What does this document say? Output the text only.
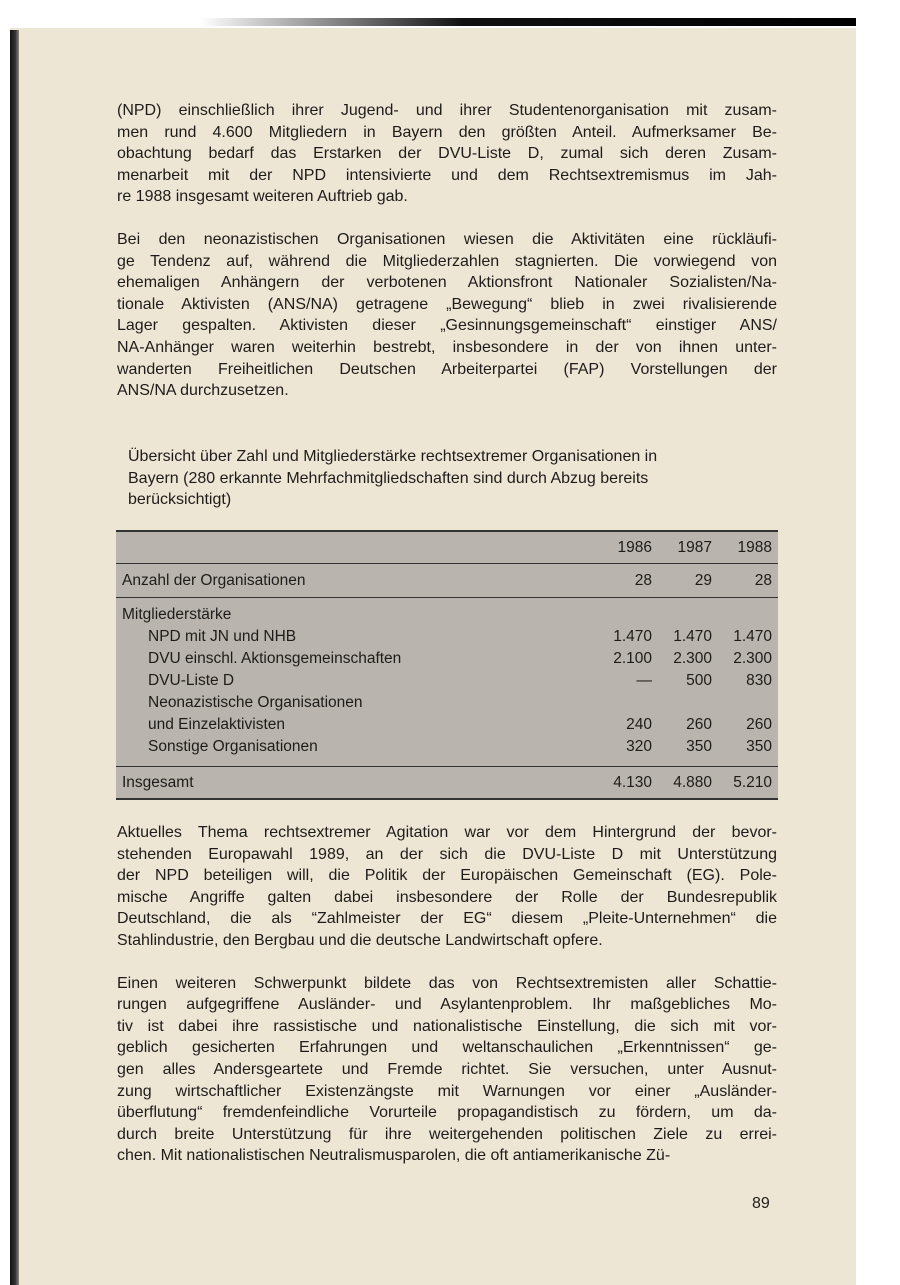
(NPD) einschließlich ihrer Jugend- und ihrer Studentenorganisation mit zusam-
men rund 4.600 Mitgliedern in Bayern den größten Anteil. Aufmerksamer Be-
obachtung bedarf das Erstarken der DVU-Liste D, zumal sich deren Zusam-
menarbeit mit der NPD intensivierte und dem Rechtsextremismus im Jah-
re 1988 insgesamt weiteren Auftrieb gab.
Bei den neonazistischen Organisationen wiesen die Aktivitäten eine rückläufi-
ge Tendenz auf, während die Mitgliederzahlen stagnierten. Die vorwiegend von
ehemaligen Anhängern der verbotenen Aktionsfront Nationaler Sozialisten/Na-
tionale Aktivisten (ANS/NA) getragene „Bewegung“ blieb in zwei rivalisierende
Lager gespalten. Aktivisten dieser „Gesinnungsgemeinschaft“ einstiger ANS/
NA-Anhänger waren weiterhin bestrebt, insbesondere in der von ihnen unter-
wanderten Freiheitlichen Deutschen Arbeiterpartei (FAP) Vorstellungen der
ANS/NA durchzusetzen.
Übersicht über Zahl und Mitgliederstärke rechtsextremer Organisationen in
Bayern (280 erkannte Mehrfachmitgliedschaften sind durch Abzug bereits
berücksichtigt)
1986	1987	1988
Anzahl der Organisationen	28	29	28
Mitgliederstärke
NPD mit JN und NHB	1.470	1.470	1.470
DVU einschl. Aktionsgemeinschaften	2.100	2.300	2.300
DVU-Liste D	—	500	830
Neonazistische Organisationen
und Einzelaktivisten	240	260	260
Sonstige Organisationen	320	350	350
Insgesamt	4.130	4.880	5.210
Aktuelles Thema rechtsextremer Agitation war vor dem Hintergrund der bevor-
stehenden Europawahl 1989, an der sich die DVU-Liste D mit Unterstützung
der NPD beteiligen will, die Politik der Europäischen Gemeinschaft (EG). Pole-
mische Angriffe galten dabei insbesondere der Rolle der Bundesrepublik
Deutschland, die als “Zahlmeister der EG“ diesem „Pleite-Unternehmen“ die
Stahlindustrie, den Bergbau und die deutsche Landwirtschaft opfere.
Einen weiteren Schwerpunkt bildete das von Rechtsextremisten aller Schattie-
rungen aufgegriffene Ausländer- und Asylantenproblem. Ihr maßgebliches Mo-
tiv ist dabei ihre rassistische und nationalistische Einstellung, die sich mit vor-
geblich gesicherten Erfahrungen und weltanschaulichen „Erkenntnissen“ ge-
gen alles Andersgeartete und Fremde richtet. Sie versuchen, unter Ausnut-
zung wirtschaftlicher Existenzängste mit Warnungen vor einer „Ausländer-
überflutung“ fremdenfeindliche Vorurteile propagandistisch zu fördern, um da-
durch breite Unterstützung für ihre weitergehenden politischen Ziele zu errei-
chen. Mit nationalistischen Neutralismusparolen, die oft antiamerikanische Zü-
89
